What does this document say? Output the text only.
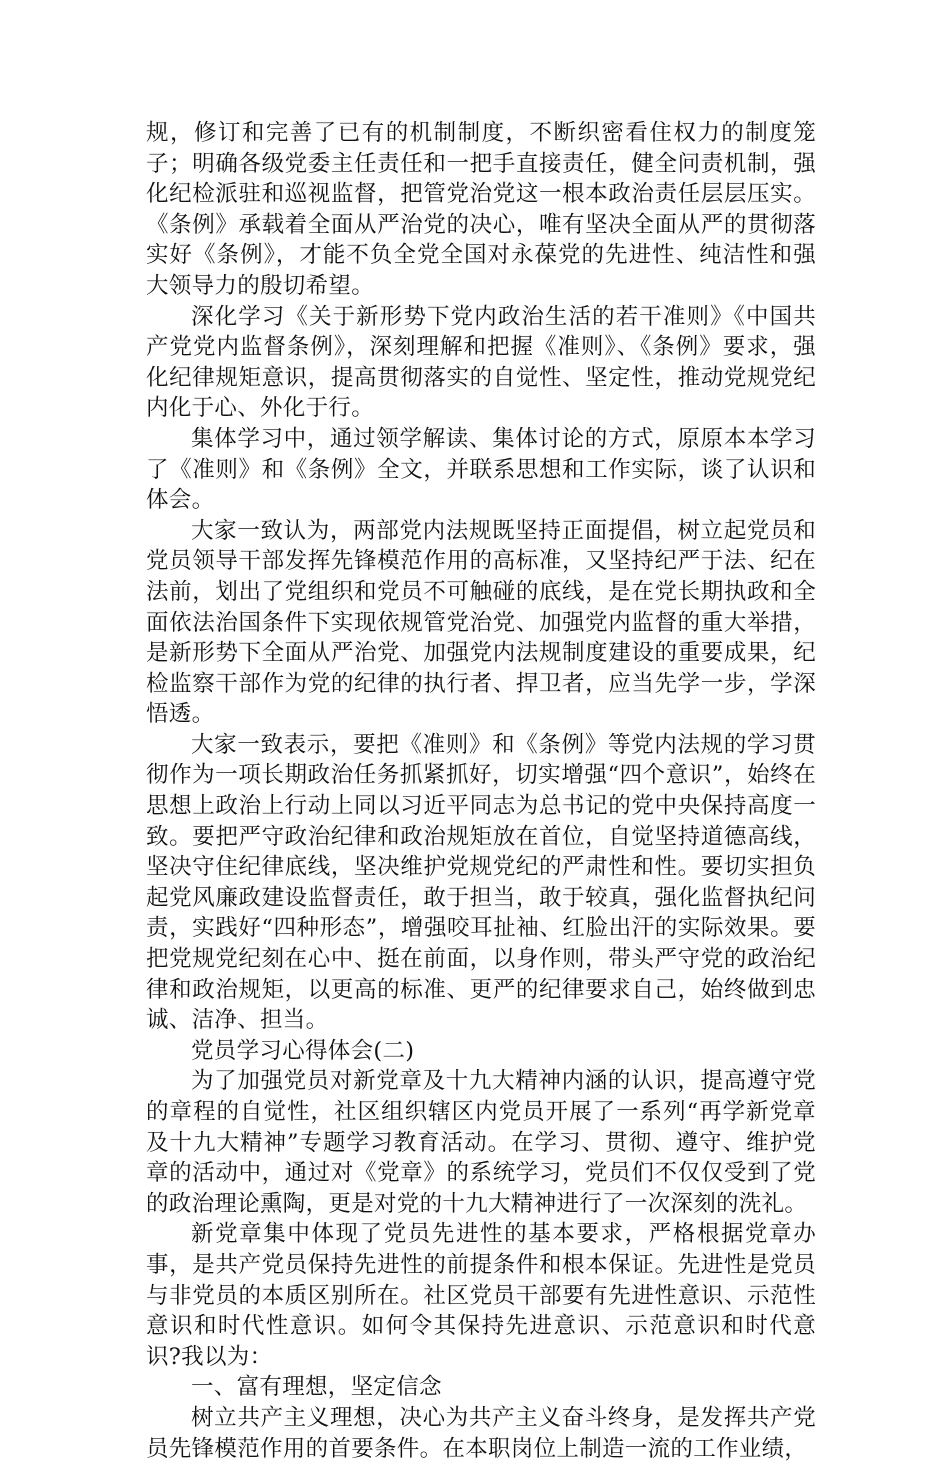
规，修订和完善了已有的机制制度，不断织密看住权力的制度笼子；明确各级党委主任责任和一把手直接责任，健全问责机制，强化纪检派驻和巡视监督，把管党治党这一根本政治责任层层压实。《条例》承载着全面从严治党的决心，唯有坚决全面从严的贯彻落实好《条例》，才能不负全党全国对永葆党的先进性、纯洁性和强大领导力的殷切希望。

深化学习《关于新形势下党内政治生活的若干准则》《中国共产党党内监督条例》，深刻理解和把握《准则》、《条例》要求，强化纪律规矩意识，提高贯彻落实的自觉性、坚定性，推动党规党纪内化于心、外化于行。

集体学习中，通过领学解读、集体讨论的方式，原原本本学习了《准则》和《条例》全文，并联系思想和工作实际，谈了认识和体会。

大家一致认为，两部党内法规既坚持正面提倡，树立起党员和党员领导干部发挥先锋模范作用的高标准，又坚持纪严于法、纪在法前，划出了党组织和党员不可触碰的底线，是在党长期执政和全面依法治国条件下实现依规管党治党、加强党内监督的重大举措，是新形势下全面从严治党、加强党内法规制度建设的重要成果，纪检监察干部作为党的纪律的执行者、捍卫者，应当先学一步，学深悟透。

大家一致表示，要把《准则》和《条例》等党内法规的学习贯彻作为一项长期政治任务抓紧抓好，切实增强“四个意识”，始终在思想上政治上行动上同以习近平同志为总书记的党中央保持高度一致。要把严守政治纪律和政治规矩放在首位，自觉坚持道德高线，坚决守住纪律底线，坚决维护党规党纪的严肃性和性。要切实担负起党风廉政建设监督责任，敢于担当，敢于较真，强化监督执纪问责，实践好“四种形态”，增强咬耳扯袖、红脸出汗的实际效果。要把党规党纪刻在心中、挺在前面，以身作则，带头严守党的政治纪律和政治规矩，以更高的标准、更严的纪律要求自己，始终做到忠诚、洁净、担当。

党员学习心得体会(二)

为了加强党员对新党章及十九大精神内涵的认识，提高遵守党的章程的自觉性，社区组织辖区内党员开展了一系列“再学新党章及十九大精神”专题学习教育活动。在学习、贯彻、遵守、维护党章的活动中，通过对《党章》的系统学习，党员们不仅仅受到了党的政治理论熏陶，更是对党的十九大精神进行了一次深刻的洗礼。

新党章集中体现了党员先进性的基本要求，严格根据党章办事，是共产党员保持先进性的前提条件和根本保证。先进性是党员与非党员的本质区别所在。社区党员干部要有先进性意识、示范性意识和时代性意识。如何令其保持先进意识、示范意识和时代意识?我以为：

一、富有理想，坚定信念

树立共产主义理想，决心为共产主义奋斗终身，是发挥共产党员先锋模范作用的首要条件。在本职岗位上制造一流的工作业绩，
